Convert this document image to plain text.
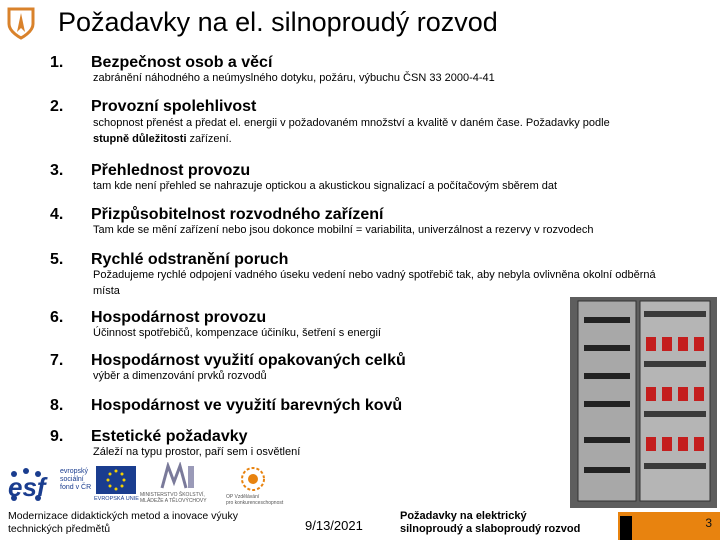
Požadavky na el. silnoproudý rozvod
1. Bezpečnost osob a věcí
zabránění náhodného a neúmyslného dotyku, požáru, výbuchu ČSN 33 2000-4-41
2. Provozní spolehlivost
schopnost přenést a předat el. energii v požadovaném množství a kvalitě v daném čase. Požadavky podle
stupně důležitosti zařízení.
3. Přehlednost provozu
tam kde není přehled se nahrazuje optickou a akustickou signalizací a počítačovým sběrem dat
4. Přizpůsobitelnost rozvodného zařízení
Tam kde se mění zařízení nebo jsou dokonce mobilní = variabilita, univerzálnost a rezervy v rozvodech
5. Rychlé odstranění poruch
Požadujeme rychlé odpojení vadného úseku vedení nebo vadný spotřebič tak, aby nebyla ovlivněna okolní odběrná místa
6. Hospodárnost provozu
Účinnost spotřebičů, kompenzace účiníku, šetření s energií
7. Hospodárnost využití opakovaných celků
výběr a dimenzování prvků rozvodů
8. Hospodárnost ve využití barevných kovů
9. Estetické požadavky
Záleží na typu prostor, paří sem i osvětlení
esf
evropský
sociální
fond v ČR
EVROPSKÁ UNIE
MINISTERSTVO ŠKOLSTVÍ,
MLÁDEŽE A TĚLOVÝCHOVY
OP Vzdělávání
pro konkurenceschopnost
Modernizace didaktických metod a inovace výuky
technických předmětů	9/13/2021
Požadavky na elektrický
silnoproudý a slaboproudý rozvod	3
